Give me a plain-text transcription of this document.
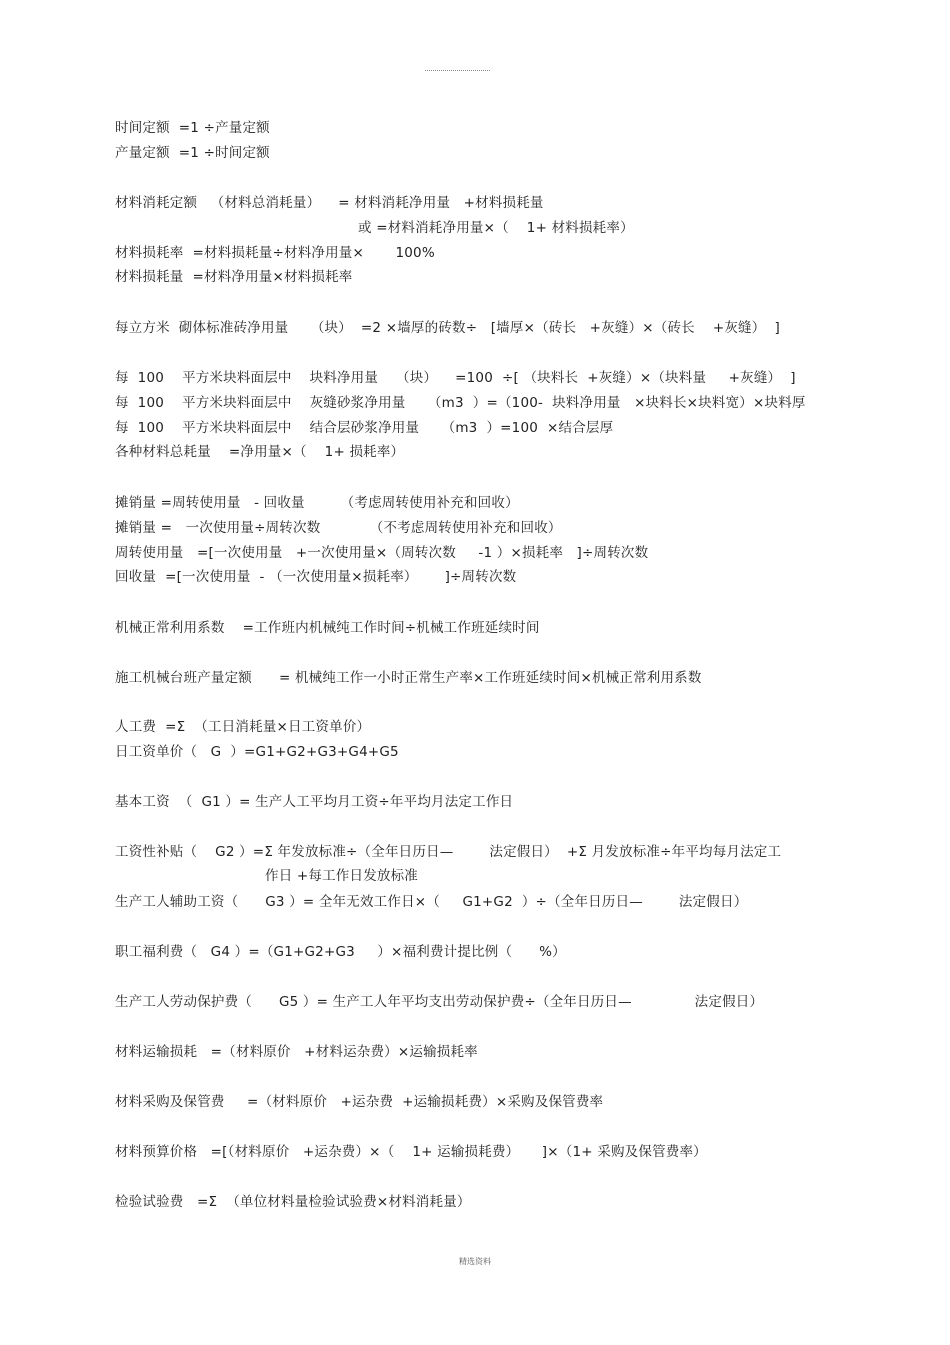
时间定额  =1 ÷产量定额
产量定额  =1 ÷时间定额
材料消耗定额   （材料总消耗量）    = 材料消耗净用量   +材料损耗量
或 =材料消耗净用量×（    1+ 材料损耗率）
材料损耗率  =材料损耗量÷材料净用量×       100%
材料损耗量  =材料净用量×材料损耗率
每立方米  砌体标准砖净用量     （块）  =2 ×墙厚的砖数÷   [墙厚×（砖长   +灰缝）×（砖长    +灰缝）  ]
每  100    平方米块料面层中    块料净用量    （块）    =100  ÷[ （块料长  +灰缝）×（块料量     +灰缝）  ]
每  100    平方米块料面层中    灰缝砂浆净用量     （m3  ）=（100-  块料净用量   ×块料长×块料宽）×块料厚
每  100    平方米块料面层中    结合层砂浆净用量     （m3  ）=100  ×结合层厚
各种材料总耗量    =净用量×（    1+ 损耗率）
摊销量 =周转使用量   - 回收量        （考虑周转使用补充和回收）
摊销量 =   一次使用量÷周转次数           （不考虑周转使用补充和回收）
周转使用量   =[一次使用量   +一次使用量×（周转次数     -1 ）×损耗率   ]÷周转次数
回收量  =[一次使用量  - （一次使用量×损耗率）      ]÷周转次数
机械正常利用系数    =工作班内机械纯工作时间÷机械工作班延续时间
施工机械台班产量定额      = 机械纯工作一小时正常生产率×工作班延续时间×机械正常利用系数
人工费  =Σ  （工日消耗量×日工资单价）
日工资单价（   G  ）=G1+G2+G3+G4+G5
基本工资  （  G1 ）= 生产人工平均月工资÷年平均月法定工作日
工资性补贴（    G2 ）=Σ 年发放标准÷（全年日历日—        法定假日）  +Σ 月发放标准÷年平均每月法定工
作日 +每工作日发放标准
生产工人辅助工资（      G3 ）= 全年无效工作日×（     G1+G2  ）÷（全年日历日—        法定假日）
职工福利费（   G4 ）=（G1+G2+G3     ）×福利费计提比例（      %）
生产工人劳动保护费（      G5 ）= 生产工人年平均支出劳动保护费÷（全年日历日—              法定假日）
材料运输损耗   =（材料原价   +材料运杂费）×运输损耗率
材料采购及保管费     =（材料原价   +运杂费  +运输损耗费）×采购及保管费率
材料预算价格   =[（材料原价   +运杂费）×（    1+ 运输损耗费）     ]×（1+ 采购及保管费率）
检验试验费   =Σ  （单位材料量检验试验费×材料消耗量）
精选资料
